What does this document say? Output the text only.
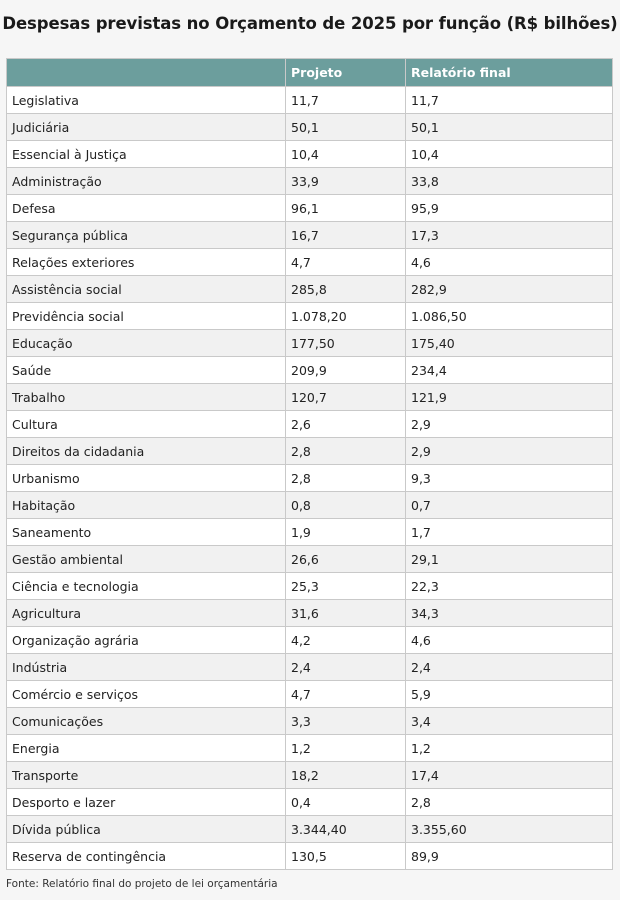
Despesas previstas no Orçamento de 2025 por função (R$ bilhões)
	Projeto	Relatório final
Legislativa	11,7	11,7
Judiciária	50,1	50,1
Essencial à Justiça	10,4	10,4
Administração	33,9	33,8
Defesa	96,1	95,9
Segurança pública	16,7	17,3
Relações exteriores	4,7	4,6
Assistência social	285,8	282,9
Previdência social	1.078,20	1.086,50
Educação	177,50	175,40
Saúde	209,9	234,4
Trabalho	120,7	121,9
Cultura	2,6	2,9
Direitos da cidadania	2,8	2,9
Urbanismo	2,8	9,3
Habitação	0,8	0,7
Saneamento	1,9	1,7
Gestão ambiental	26,6	29,1
Ciência e tecnologia	25,3	22,3
Agricultura	31,6	34,3
Organização agrária	4,2	4,6
Indústria	2,4	2,4
Comércio e serviços	4,7	5,9
Comunicações	3,3	3,4
Energia	1,2	1,2
Transporte	18,2	17,4
Desporto e lazer	0,4	2,8
Dívida pública	3.344,40	3.355,60
Reserva de contingência	130,5	89,9
Fonte: Relatório final do projeto de lei orçamentária
